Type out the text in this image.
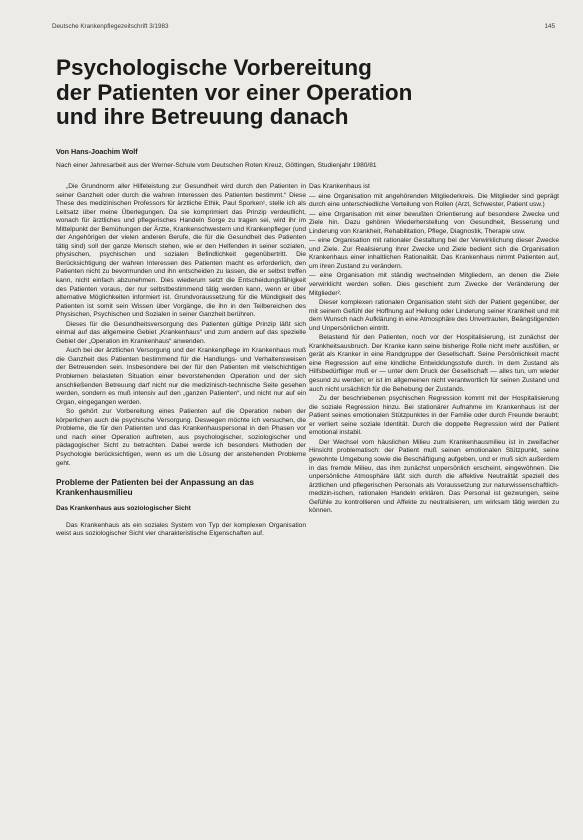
Deutsche Krankenpflegezeitschrift 3/1983	145
Psychologische Vorbereitung
der Patienten vor einer Operation
und ihre Betreuung danach
Von Hans-Joachim Wolf
Nach einer Jahresarbeit aus der Werner-Schule vom Deutschen Roten Kreuz, Göttingen, Studienjahr 1980/81

„Die Grundnorm aller Hilfeleistung zur Gesundheit wird durch den Patienten in seiner Ganzheit oder durch die wahren Interessen des Patienten bestimmt.“ Diese These des medizinischen Professors für ärztliche Ethik, Paul Sporken¹, stelle ich als Leitsatz über meine Überlegungen. Da sie komprimiert das Prinzip verdeutlicht, wonach für ärztliches und pflegerisches Handeln Sorge zu tragen sei, wird ihr im Mittelpunkt der Bemühungen der Ärzte, Krankenschwestern und Krankenpfleger (und der Angehörigen der vielen anderen Berufe, die für die Gesundheit des Patienten tätig sind) soll der ganze Mensch stehen, wie er den Helfenden in seiner sozialen, physischen, psychischen und sozialen Befindlichkeit gegenübertritt. Die Berücksichtigung der wahren Interessen des Patienten macht es erforderlich, den Patienten nicht zu bevormunden und ihn entscheiden zu lassen, die er selbst treffen kann, nicht einfach abzunehmen. Dies wiederum setzt die Entscheidungsfähigkeit des Patienten voraus, der nur selbstbestimmend tätig werden kann, wenn er über alternative Möglichkeiten informiert ist. Grundvoraussetzung für die Mündigkeit des Patienten ist somit sein Wissen über Vorgänge, die ihn in den Teilbereichen des Physischen, Psychischen und Sozialen in seiner Ganzheit berühren.

Dieses für die Gesundheitsversorgung des Patienten gültige Prinzip läßt sich einmal auf das allgemeine Gebiet „Krankenhaus“ und zum andern auf das spezielle Gebiet der „Operation im Krankenhaus“ anwenden.

Auch bei der ärztlichen Versorgung und der Krankenpflege im Krankenhaus muß die Ganzheit des Patienten bestimmend für die Handlungs- und Verhaltensweisen der Betreuenden sein. Insbesondere bei der für den Patienten mit vielschichtigen Problemen belasteten Situation einer bevorstehenden Operation und der sich anschließenden Betreuung darf nicht nur die medizinisch-technische Seite gesehen werden, sondern es muß intensiv auf den „ganzen Patienten“, und nicht nur auf ein Organ, eingegangen werden.

So gehört zur Vorbereitung eines Patienten auf die Operation neben der körperlichen auch die psychische Versorgung. Deswegen möchte ich versuchen, die Probleme, die für den Patienten und das Krankenhauspersonal in den Phasen vor und nach einer Operation auftreten, aus psychologischer, soziologischer und pädagogischer Sicht zu betrachten. Dabei werde ich besonders Methoden der Psychologie berücksichtigen, wenn es um die Lösung der anstehenden Probleme geht.

Probleme der Patienten bei der Anpassung an das Krankenhausmilieu

Das Krankenhaus aus soziologischer Sicht

Das Krankenhaus als ein soziales System von Typ der komplexen Organisation weist aus soziologischer Sicht vier charakteristische Eigenschaften auf.

Das Krankenhaus ist

— eine Organisation mit angehörenden Mitgliederkreis. Die Mitglieder sind geprägt durch eine unterschiedliche Verteilung von Rollen (Arzt, Schwester, Patient usw.)

— eine Organisation mit einer bewußten Orientierung auf besondere Zwecke und Ziele hin. Dazu gehören Wiederherstellung von Gesundheit, Besserung und Linderung von Krankheit, Rehabilitation, Pflege, Diagnostik, Therapie usw.

— eine Organisation mit rationaler Gestaltung bei der Verwirklichung dieser Zwecke und Ziele. Zur Realisierung ihrer Zwecke und Ziele bedient sich die Organisation Krankenhaus einer inhaltlichen Rationalität. Das Krankenhaus nimmt Patienten auf, um ihren Zustand zu verändern.

— eine Organisation mit ständig wechselnden Mitgliedern, an denen die Ziele verwirklicht werden sollen. Dies geschieht zum Zwecke der Veränderung der Mitglieder².

Dieser komplexen rationalen Organisation steht sich der Patient gegenüber, der mit seinem Gefühl der Hoffnung auf Heilung oder Linderung seiner Krankheit und mit dem Wunsch nach Aufklärung in eine Atmosphäre des Unvertrauten, Beängstigenden und Unpersönlichen eintritt.

Belastend für den Patienten, noch vor der Hospitalisierung, ist zunächst der Krankheitsausbruch. Der Kranke kann seine bisherige Rolle nicht mehr ausfüllen, er gerät als Kranker in eine Randgruppe der Gesellschaft. Seine Persönlichkeit macht eine Regression auf eine kindliche Entwicklungsstufe durch. In dem Zustand als Hilfsbedürftiger muß er — unter dem Druck der Gesellschaft — alles tun, um wieder gesund zu werden; er ist im allgemeinen nicht verantwortlich für seinen Zustand und auch nicht ursächlich für die Behebung der Zustands.

Zu der beschriebenen psychischen Regression kommt mit der Hospitalisierung die soziale Regression hinzu. Bei stationärer Aufnahme im Krankenhaus ist der Patient seines emotionalen Stützpunktes in der Familie oder durch Freunde beraubt; er verliert seine soziale Identität. Durch die doppelte Regression wird der Patient emotional instabil.

Der Wechsel vom häuslichen Milieu zum Krankenhausmilieu ist in zweifacher Hinsicht problematisch: der Patient muß seinen emotionalen Stützpunkt, seine gewohnte Umgebung sowie die Beschäftigung aufgeben, und er muß sich außerdem in das fremde Milieu, das ihm zunächst unpersönlich erscheint, eingewöhnen. Die unpersönliche Atmosphäre läßt sich durch die affektive Neutralität speziell des ärztlichen und pflegerischen Personals als Voraussetzung zur naturwissenschaftlich-medizin-ischen, rationalen Handeln erklären. Das Personal ist gezwungen, seine Gefühle zu kontrollieren und Affekte zu neutralisieren, um wirksam tätig werden zu können.
